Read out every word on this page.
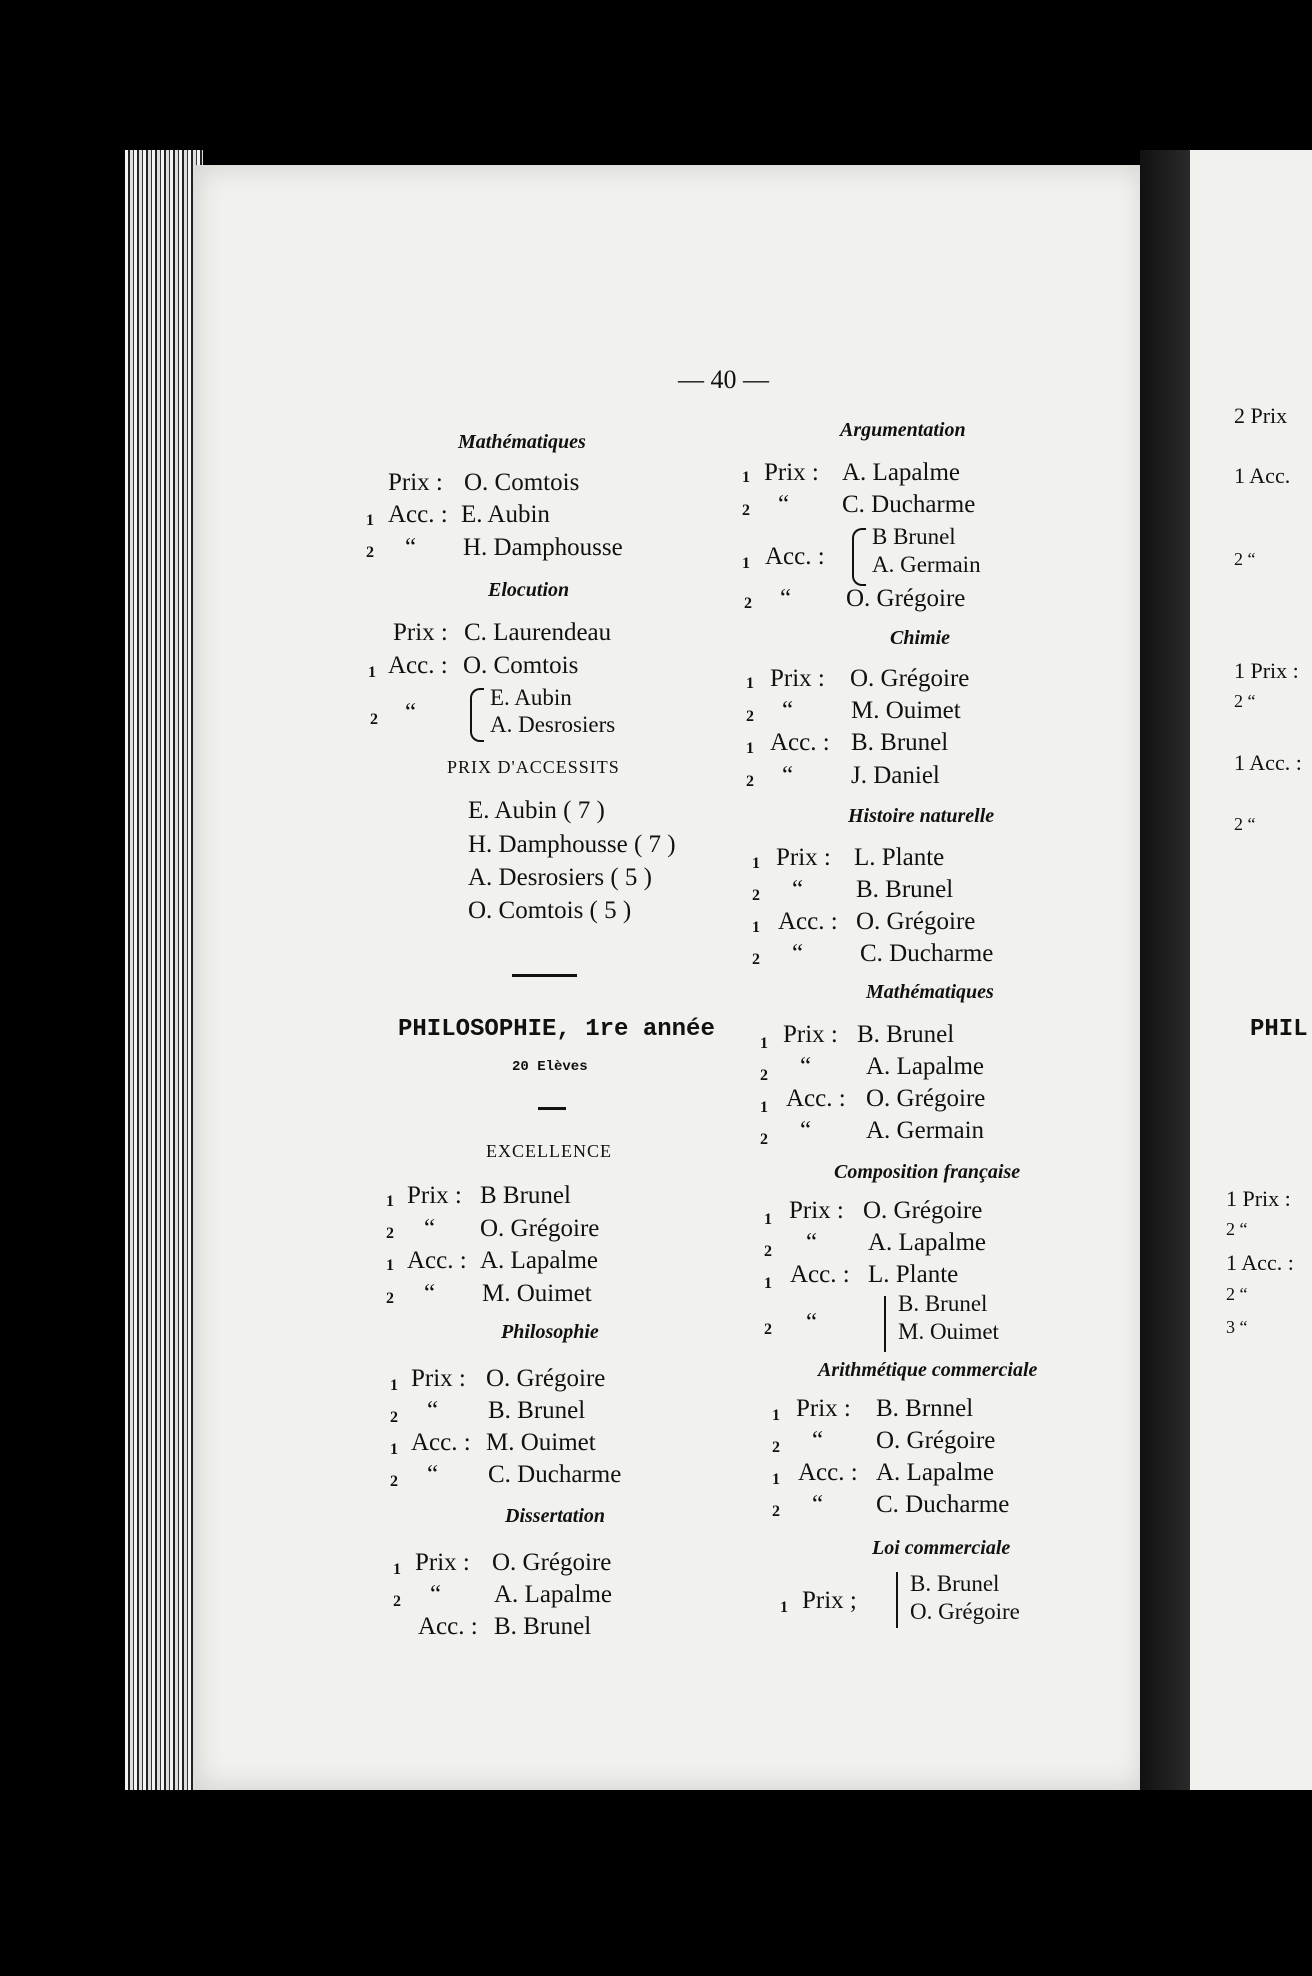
— 40 —
Mathématiques
1
2
Prix :
Acc. :
“
O. Comtois
E. Aubin
H. Damphousse
Elocution
Prix : C. Laurendeau
1 Acc. : O. Comtois
2 “
E. Aubin
A. Desrosiers
PRIX D'ACCESSITS
E. Aubin ( 7 )
H. Damphousse ( 7 )
A. Desrosiers ( 5 )
O. Comtois ( 5 )
PHILOSOPHIE, 1re année
20 Elèves
EXCELLENCE
1
2
1
2
Prix :
“
Acc. :
“
B Brunel
O. Grégoire
A. Lapalme
M. Ouimet
Philosophie
1
2
1
2
Prix :
“
Acc. :
“
O. Grégoire
B. Brunel
M. Ouimet
C. Ducharme
Dissertation
1
2
Prix :
“
Acc. :
O. Grégoire
A. Lapalme
B. Brunel
Argumentation
1
2
Prix :
“
A. Lapalme
C. Ducharme
1 Acc. :
B Brunel
A. Germain
2 “ O. Grégoire
Chimie
1
2
1
2
Prix :
“
Acc. :
“
O. Grégoire
M. Ouimet
B. Brunel
J. Daniel
Histoire naturelle
1
2
1
2
Prix :
“
Acc. :
“
L. Plante
B. Brunel
O. Grégoire
C. Ducharme
Mathématiques
1
2
1
2
Prix :
“
Acc. :
“
B. Brunel
A. Lapalme
O. Grégoire
A. Germain
Composition française
1
2
1
Prix :
“
Acc. :
O. Grégoire
A. Lapalme
L. Plante
2 “
B. Brunel
M. Ouimet
Arithmétique commerciale
1
2
1
2
Prix :
“
Acc. :
“
B. Brnnel
O. Grégoire
A. Lapalme
C. Ducharme
Loi commerciale
1 Prix ;
B. Brunel
O. Grégoire
2 Prix
1 Acc.
2 “
1 Prix :
2 “
1 Acc. :
2 “
PHIL
1 Prix :
2 “
1 Acc. :
2 “
3 “
